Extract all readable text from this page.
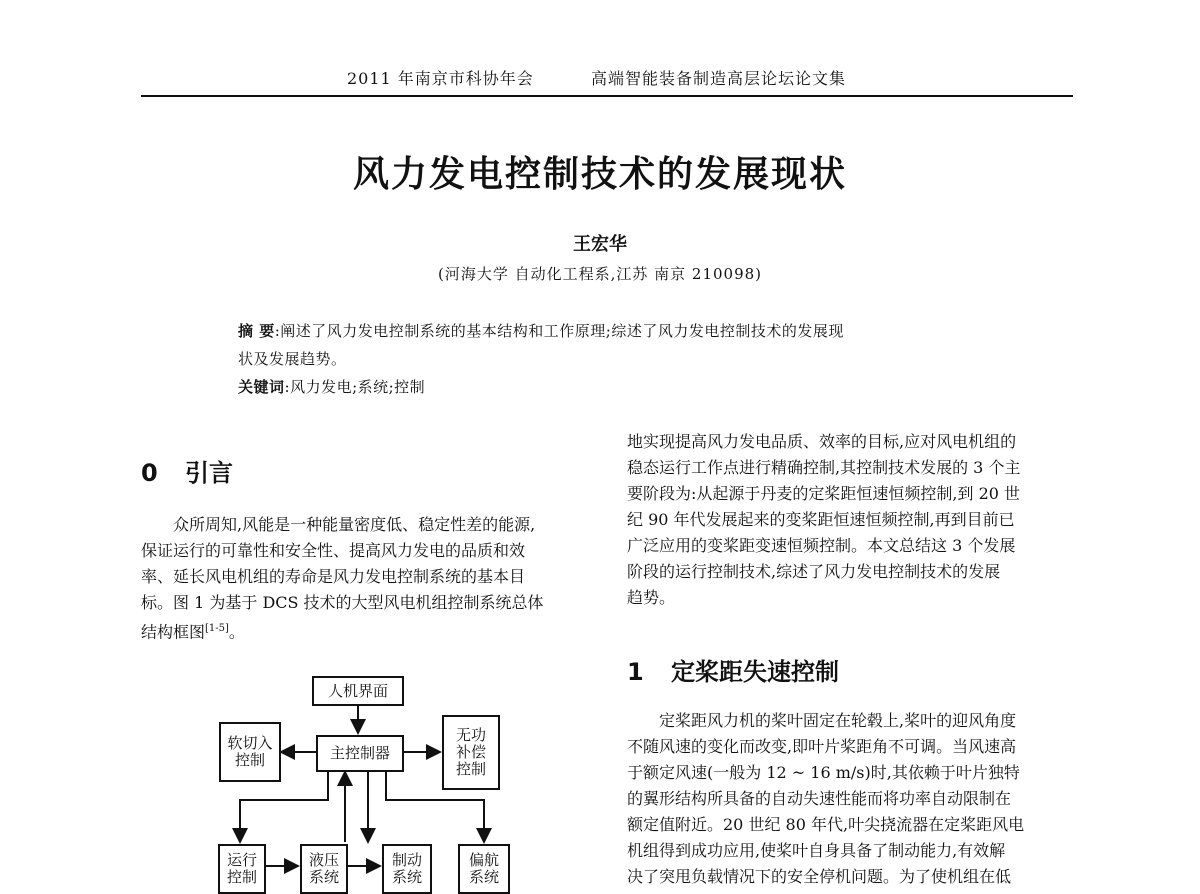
2011 年南京市科协年会	高端智能装备制造高层论坛论文集
风力发电控制技术的发展现状
王宏华
(河海大学 自动化工程系,江苏 南京 210098)
摘 要:阐述了风力发电控制系统的基本结构和工作原理;综述了风力发电控制技术的发展现
状及发展趋势。
关键词:风力发电;系统;控制
0 引言
众所周知,风能是一种能量密度低、稳定性差的能源,
保证运行的可靠性和安全性、提高风力发电的品质和效
率、延长风电机组的寿命是风力发电控制系统的基本目
标。图 1 为基于 DCS 技术的大型风电机组控制系统总体
结构框图[1-5]。
人机界面
主控制器
软切入
控制
无功
补偿
控制
运行
控制
液压
系统
制动
系统
偏航
系统
地实现提高风力发电品质、效率的目标,应对风电机组的
稳态运行工作点进行精确控制,其控制技术发展的 3 个主
要阶段为:从起源于丹麦的定桨距恒速恒频控制,到 20 世
纪 90 年代发展起来的变桨距恒速恒频控制,再到目前已
广泛应用的变桨距变速恒频控制。本文总结这 3 个发展
阶段的运行控制技术,综述了风力发电控制技术的发展
趋势。
1 定桨距失速控制
定桨距风力机的桨叶固定在轮毂上,桨叶的迎风角度
不随风速的变化而改变,即叶片桨距角不可调。当风速高
于额定风速(一般为 12 ~ 16 m/s)时,其依赖于叶片独特
的翼形结构所具备的自动失速性能而将功率自动限制在
额定值附近。20 世纪 80 年代,叶尖挠流器在定桨距风电
机组得到成功应用,使桨叶自身具备了制动能力,有效解
决了突甩负载情况下的安全停机问题。为了使机组在低
